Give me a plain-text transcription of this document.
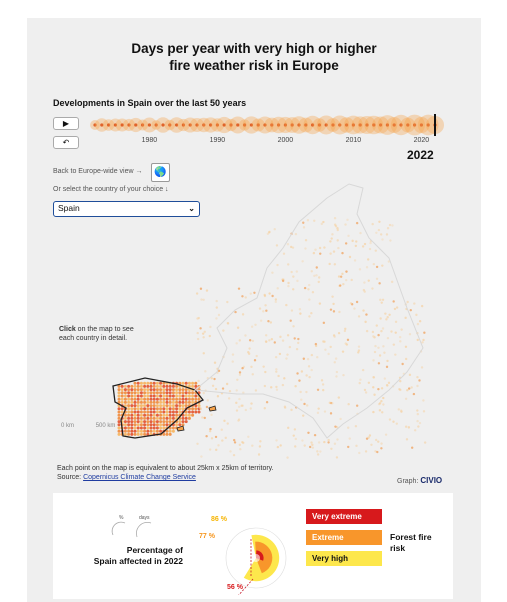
Days per year with very high or higher
fire weather risk in Europe
Developments in Spain over the last 50 years
▶
↶	1980	1990	2000	2010	2020
2022
Back to Europe-wide view →	🌎
Or select the country of your choice ↓
Spain	⌄
Click on the map to see each country in detail.
0 km	500 km
Each point on the map is equivalent to about 25km x 25km of territory.
Source: Copernicus Climate Change Service
Graph: CIVIO
%	days
Percentage of
Spain affected in 2022
86 %
77 %
56 %
Very extreme
Extreme
Very high
Forest fire
risk
